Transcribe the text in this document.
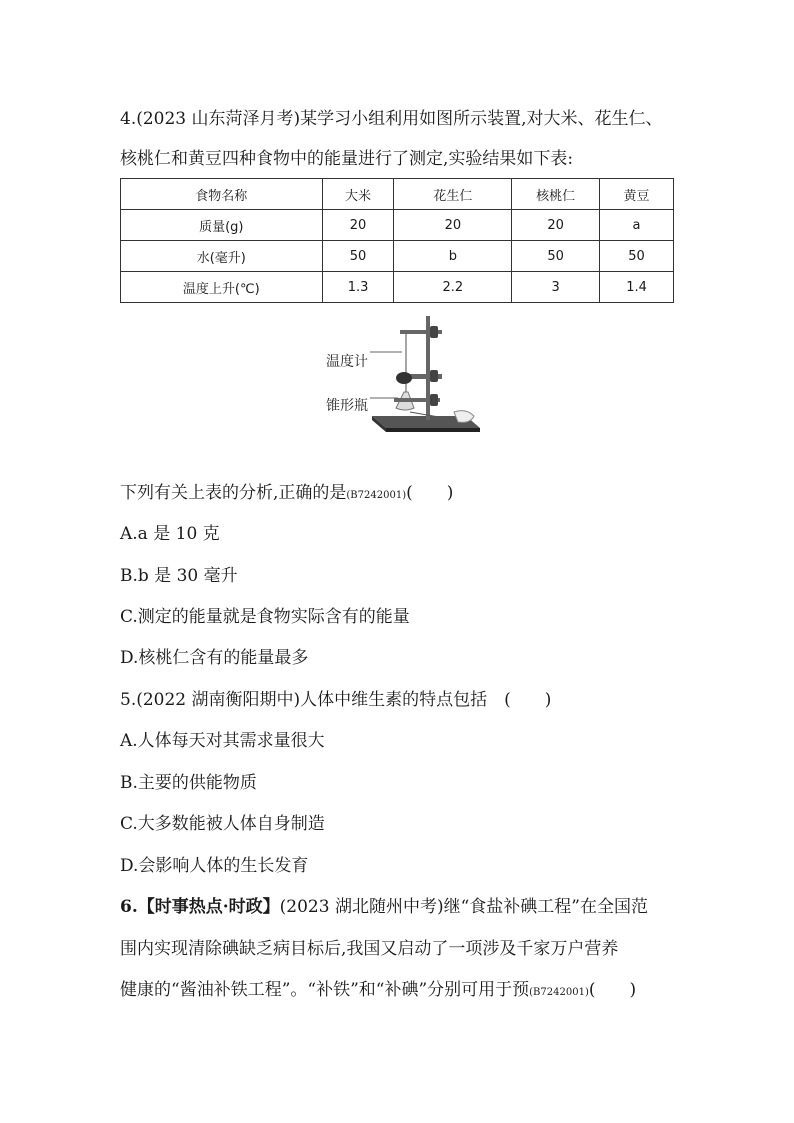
4.(2023 山东菏泽月考)某学习小组利用如图所示装置,对大米、花生仁、
核桃仁和黄豆四种食物中的能量进行了测定,实验结果如下表:
食物名称	大米	花生仁	核桃仁	黄豆
质量(g)	20	20	20	a
水(毫升)	50	b	50	50
温度上升(℃)	1.3	2.2	3	1.4
温度计
锥形瓶
下列有关上表的分析,正确的是(B7242001)(　　)
A.a 是 10 克
B.b 是 30 毫升
C.测定的能量就是食物实际含有的能量
D.核桃仁含有的能量最多
5.(2022 湖南衡阳期中)人体中维生素的特点包括　(　　)
A.人体每天对其需求量很大
B.主要的供能物质
C.大多数能被人体自身制造
D.会影响人体的生长发育
6.【时事热点·时政】(2023 湖北随州中考)继“食盐补碘工程”在全国范
围内实现清除碘缺乏病目标后,我国又启动了一项涉及千家万户营养
健康的“酱油补铁工程”。“补铁”和“补碘”分别可用于预(B7242001)(　　)
